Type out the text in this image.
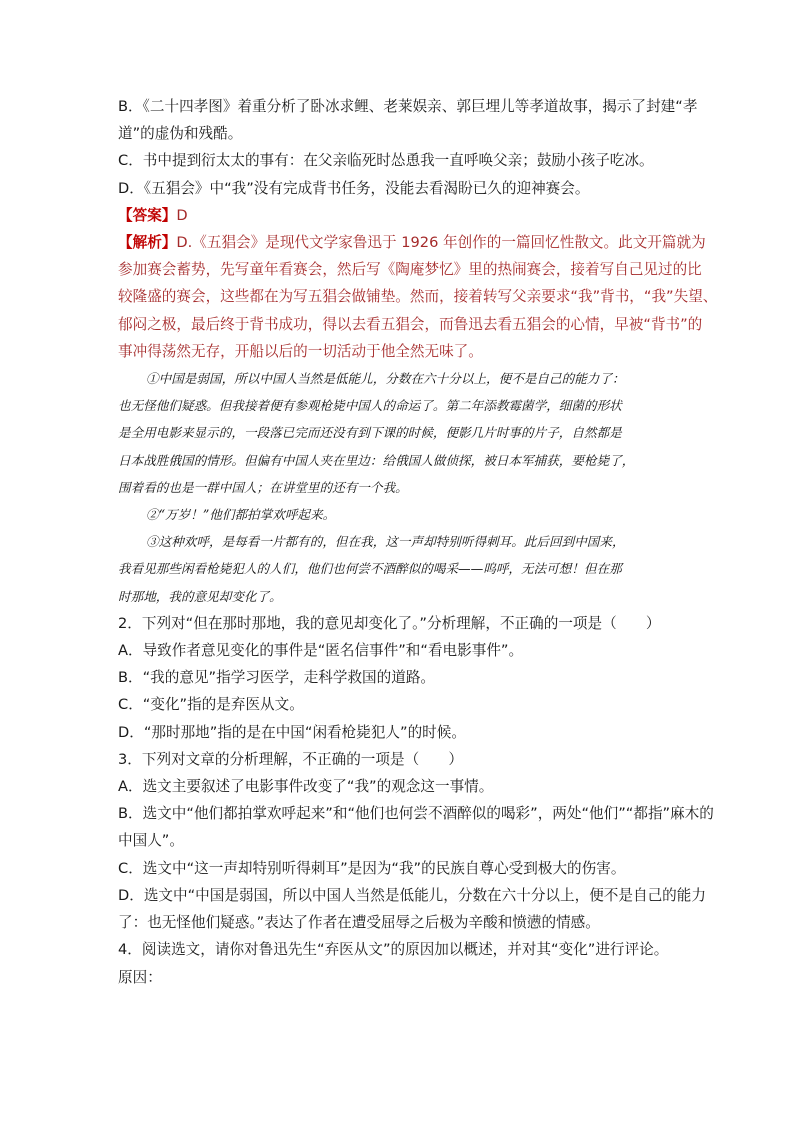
B．《二十四孝图》着重分析了卧冰求鲤、老莱娱亲、郭巨埋儿等孝道故事，揭示了封建“孝
道”的虚伪和残酷。
C．书中提到衍太太的事有：在父亲临死时怂恿我一直呼唤父亲；鼓励小孩子吃冰。
D．《五猖会》中“我”没有完成背书任务，没能去看渴盼已久的迎神赛会。
【答案】D
【解析】D.《五猖会》是现代文学家鲁迅于 1926 年创作的一篇回忆性散文。此文开篇就为
参加赛会蓄势，先写童年看赛会，然后写《陶庵梦忆》里的热闹赛会，接着写自己见过的比
较隆盛的赛会，这些都在为写五猖会做铺垫。然而，接着转写父亲要求“我”背书，“我”失望、
郁闷之极，最后终于背书成功，得以去看五猖会，而鲁迅去看五猖会的心情，早被“背书”的
事冲得荡然无存，开船以后的一切活动于他全然无味了。
①中国是弱国，所以中国人当然是低能儿，分数在六十分以上，便不是自己的能力了：
也无怪他们疑惑。但我接着便有参观枪毙中国人的命运了。第二年添教霉菌学，细菌的形状
是全用电影来显示的，一段落已完而还没有到下课的时候，便影几片时事的片子，自然都是
日本战胜俄国的情形。但偏有中国人夹在里边：给俄国人做侦探，被日本军捕获，要枪毙了，
围着看的也是一群中国人；在讲堂里的还有一个我。
②“万岁！”他们都拍掌欢呼起来。
③这种欢呼，是每看一片都有的，但在我，这一声却特别听得刺耳。此后回到中国来，
我看见那些闲看枪毙犯人的人们，他们也何尝不酒醉似的喝采——呜呼，无法可想！但在那
时那地，我的意见却变化了。
2．下列对“但在那时那地，我的意见却变化了。”分析理解，不正确的一项是（　　）
A．导致作者意见变化的事件是“匿名信事件”和“看电影事件”。
B．“我的意见”指学习医学，走科学救国的道路。
C．“变化”指的是弃医从文。
D．“那时那地”指的是在中国“闲看枪毙犯人”的时候。
3．下列对文章的分析理解，不正确的一项是（　　）
A．选文主要叙述了电影事件改变了“我”的观念这一事情。
B．选文中“他们都拍掌欢呼起来”和“他们也何尝不酒醉似的喝彩”，两处“他们”“都指”麻木的
中国人”。
C．选文中“这一声却特别听得刺耳”是因为“我”的民族自尊心受到极大的伤害。
D．选文中“中国是弱国，所以中国人当然是低能儿，分数在六十分以上，便不是自己的能力
了：也无怪他们疑惑。”表达了作者在遭受屈辱之后极为辛酸和愤懑的情感。
4．阅读选文，请你对鲁迅先生“弃医从文”的原因加以概述，并对其“变化”进行评论。
原因：
